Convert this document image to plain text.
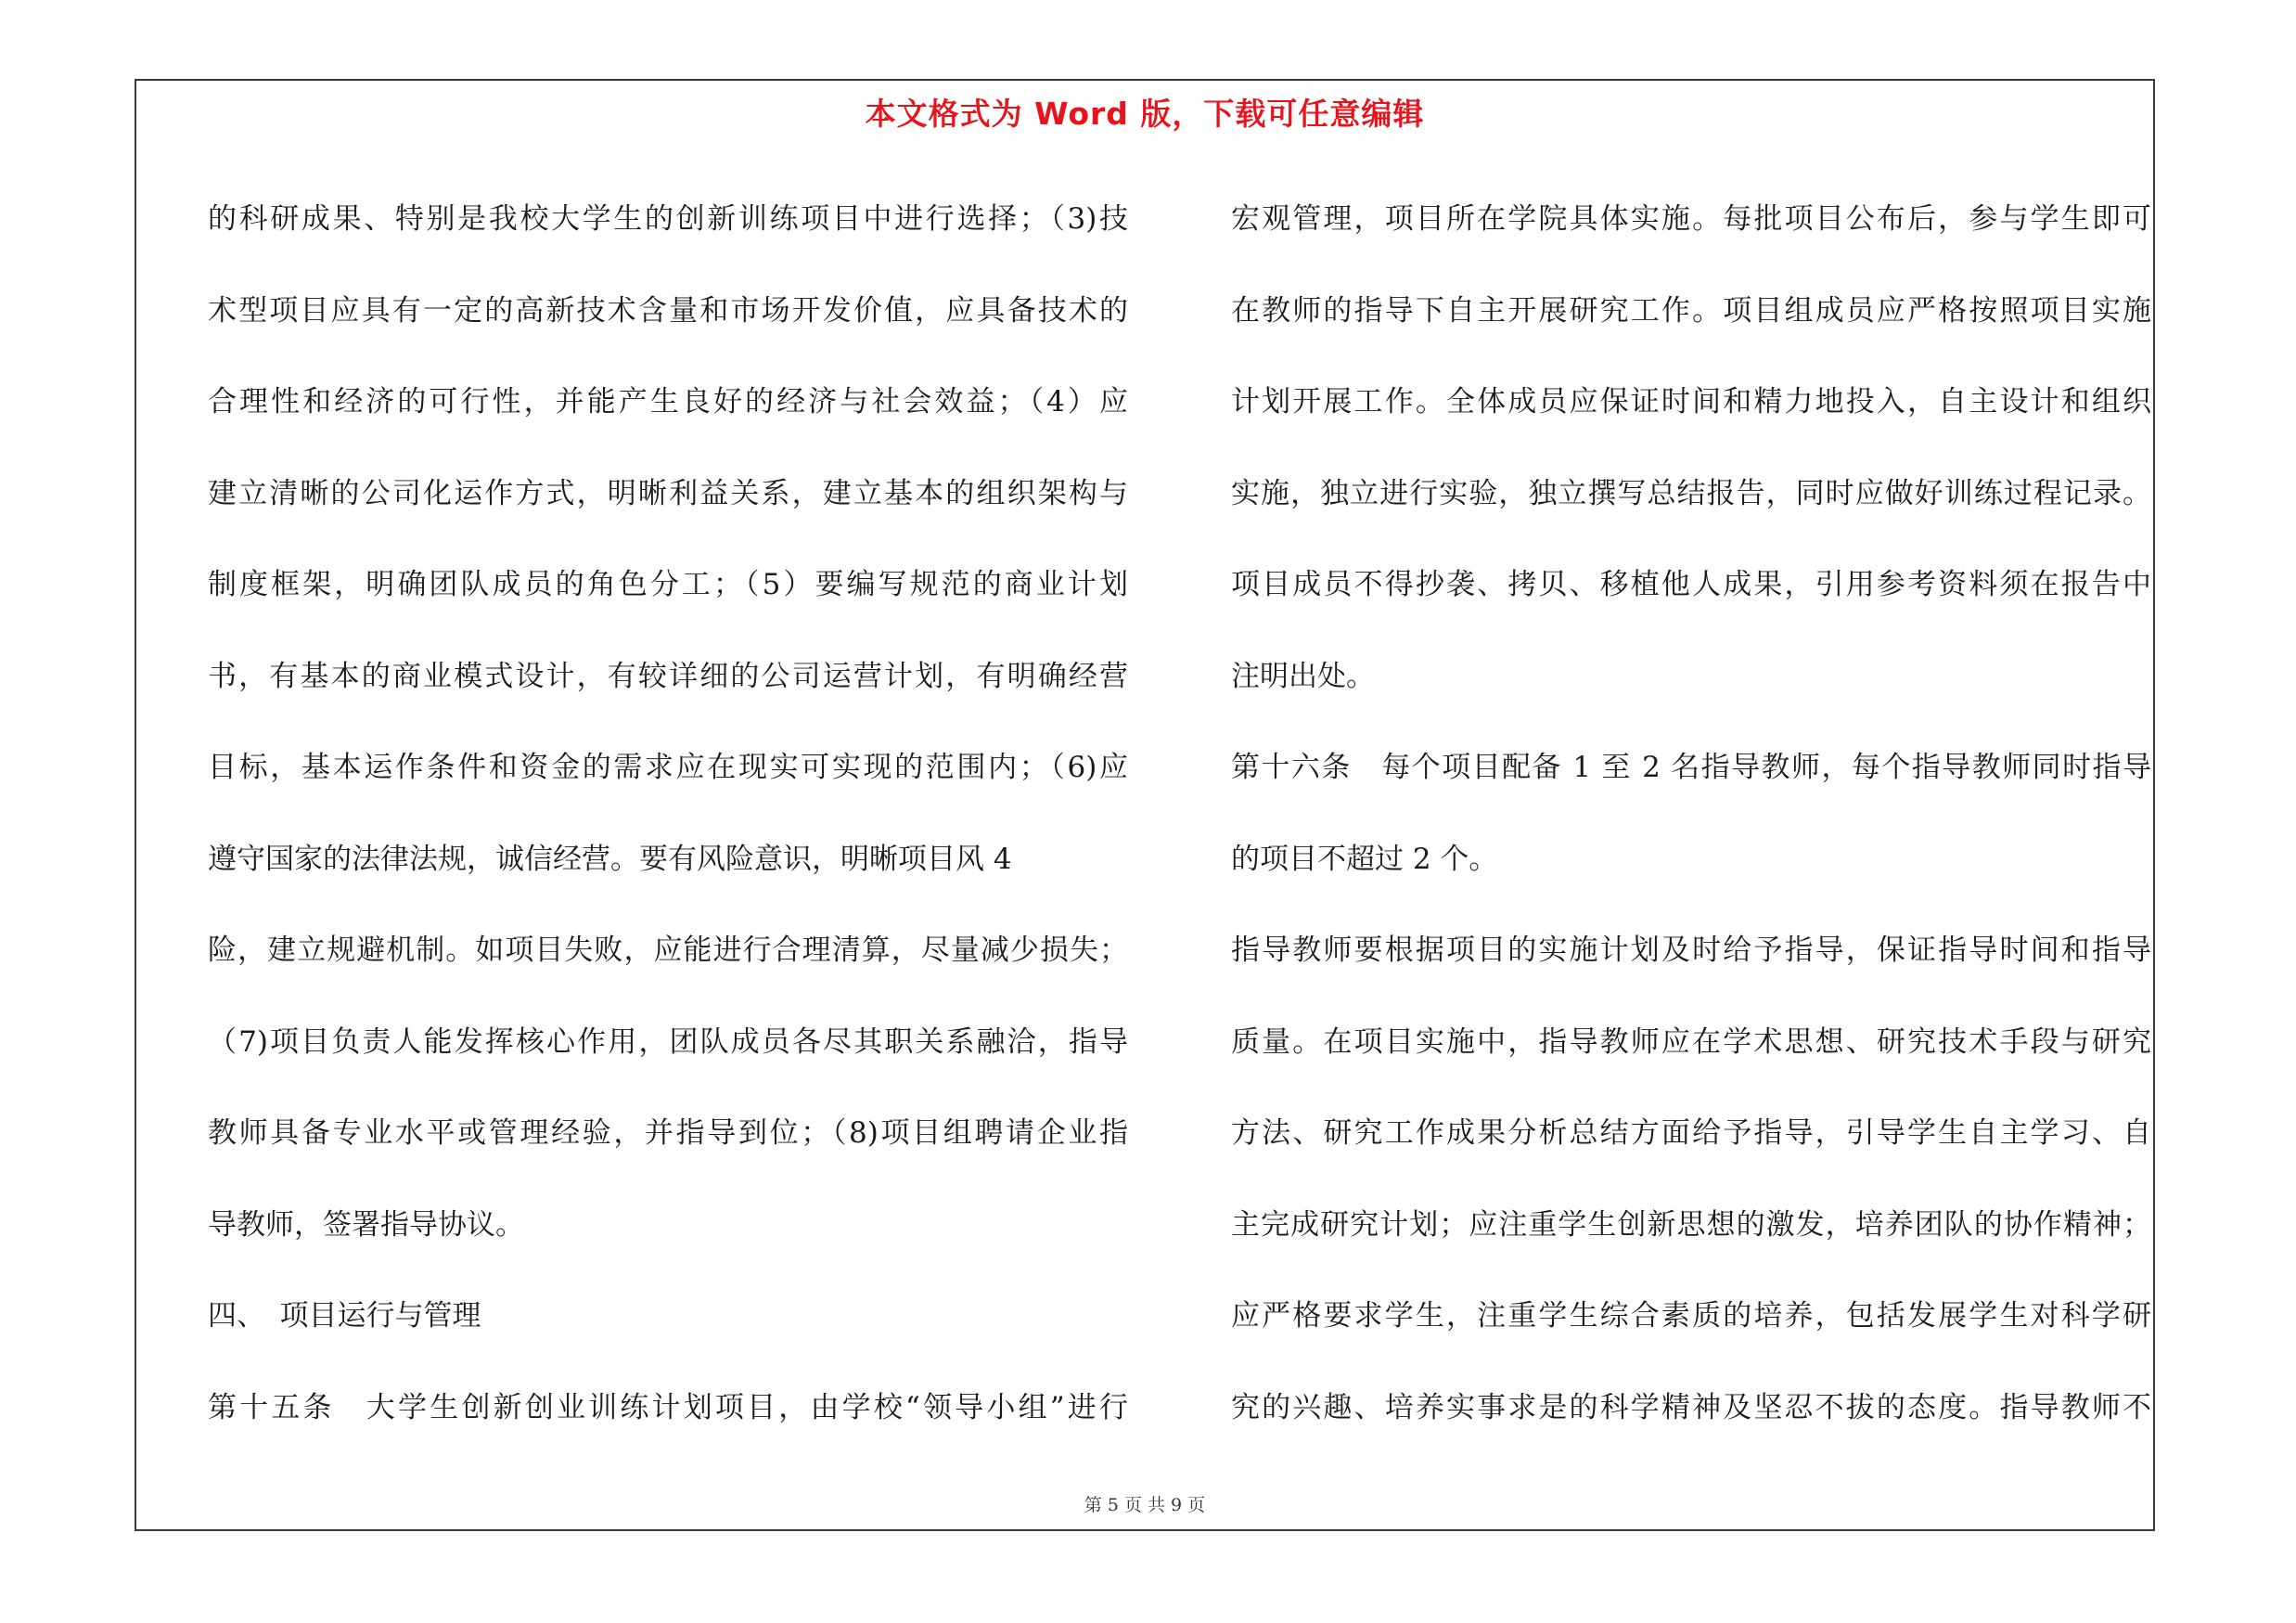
本文格式为 Word 版，下载可任意编辑
的科研成果、特别是我校大学生的创新训练项目中进行选择；（3)技
术型项目应具有一定的高新技术含量和市场开发价值，应具备技术的
合理性和经济的可行性，并能产生良好的经济与社会效益；（4）应
建立清晰的公司化运作方式，明晰利益关系，建立基本的组织架构与
制度框架，明确团队成员的角色分工；（5）要编写规范的商业计划
书，有基本的商业模式设计，有较详细的公司运营计划，有明确经营
目标，基本运作条件和资金的需求应在现实可实现的范围内；（6)应
遵守国家的法律法规，诚信经营。要有风险意识，明晰项目风 4
险，建立规避机制。如项目失败，应能进行合理清算，尽量减少损失；
（7)项目负责人能发挥核心作用，团队成员各尽其职关系融洽，指导
教师具备专业水平或管理经验，并指导到位；（8)项目组聘请企业指
导教师，签署指导协议。
四、　项目运行与管理
第十五条　大学生创新创业训练计划项目，由学校“领导小组”进行
宏观管理，项目所在学院具体实施。每批项目公布后，参与学生即可
在教师的指导下自主开展研究工作。项目组成员应严格按照项目实施
计划开展工作。全体成员应保证时间和精力地投入，自主设计和组织
实施，独立进行实验，独立撰写总结报告，同时应做好训练过程记录。
项目成员不得抄袭、拷贝、移植他人成果，引用参考资料须在报告中
注明出处。
第十六条　每个项目配备 1 至 2 名指导教师，每个指导教师同时指导
的项目不超过 2 个。
指导教师要根据项目的实施计划及时给予指导，保证指导时间和指导
质量。在项目实施中，指导教师应在学术思想、研究技术手段与研究
方法、研究工作成果分析总结方面给予指导，引导学生自主学习、自
主完成研究计划；应注重学生创新思想的激发，培养团队的协作精神；
应严格要求学生，注重学生综合素质的培养，包括发展学生对科学研
究的兴趣、培养实事求是的科学精神及坚忍不拔的态度。指导教师不
第 5 页 共 9 页
